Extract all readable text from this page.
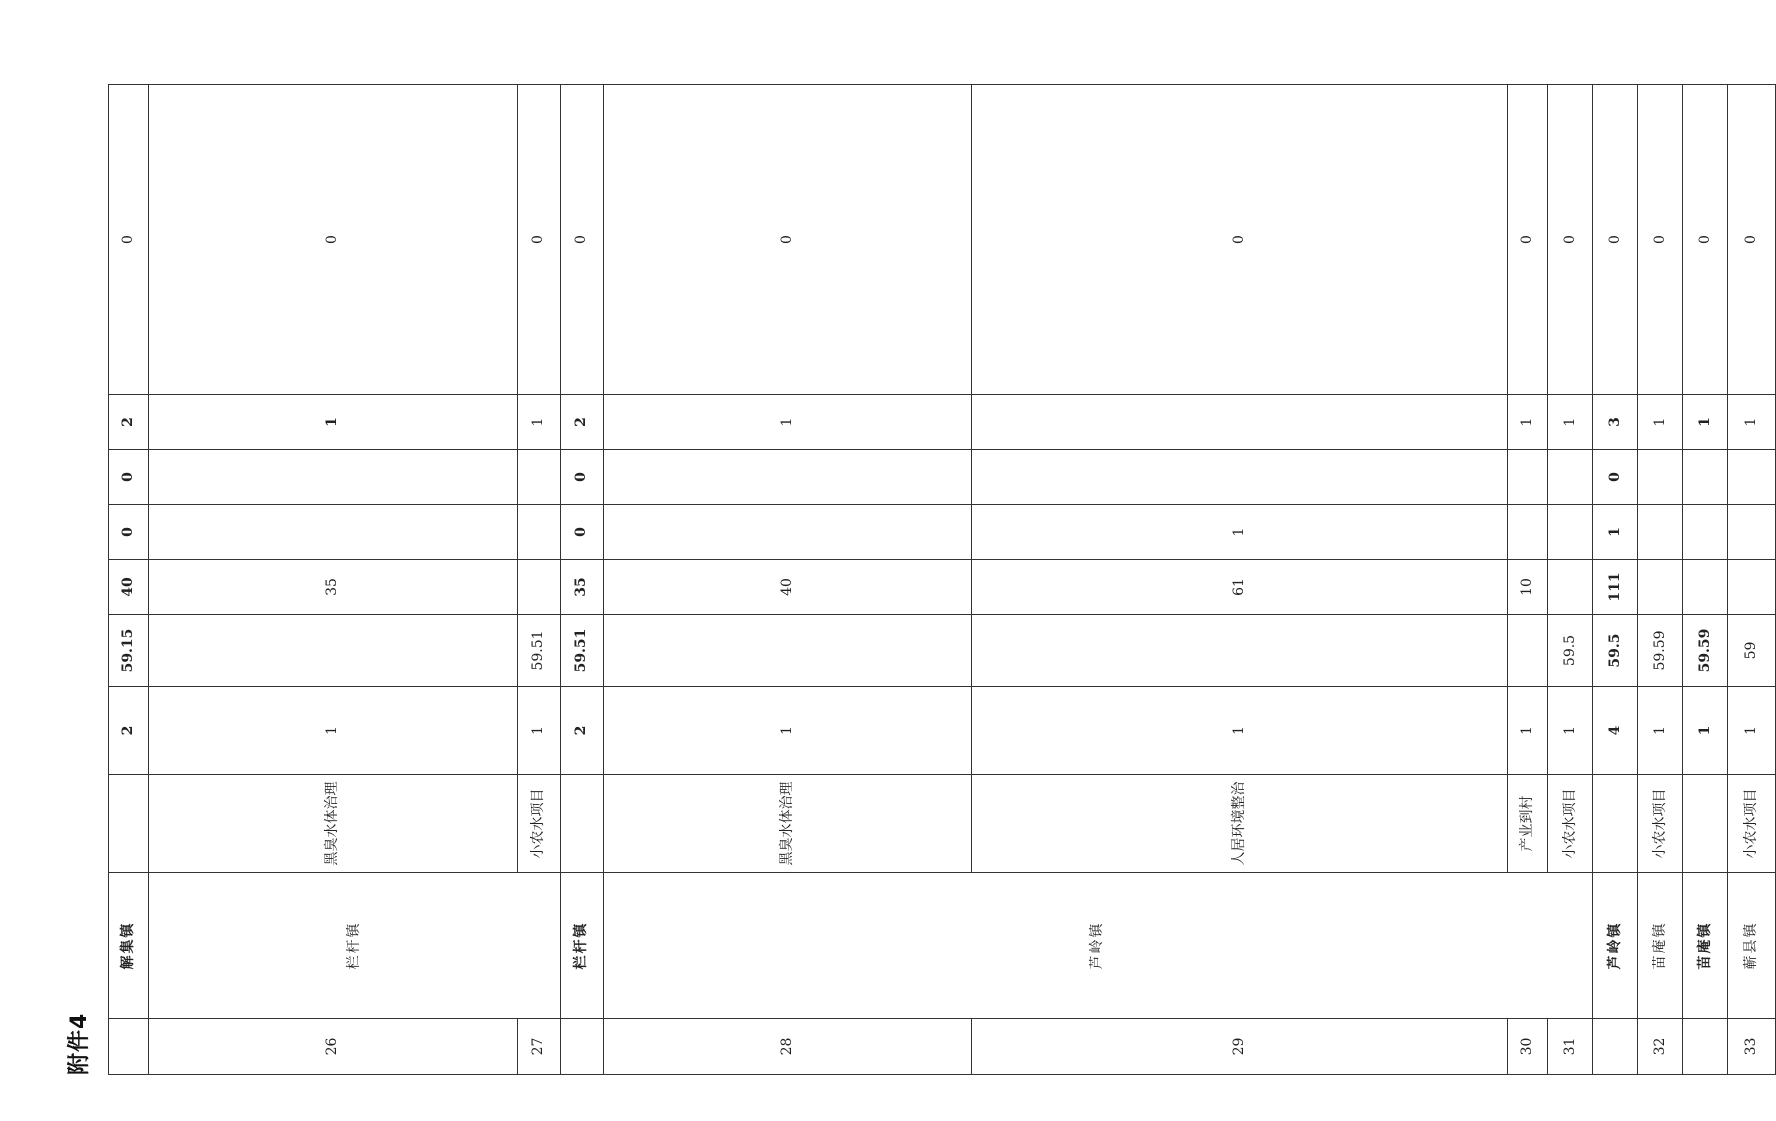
附件4
	解集镇		2	59.15	40	0	0	2	0	
26	栏杆镇	黑臭水体治理	1		35			1	0	
27		小农水项目	1	59.51				1	0	
	栏杆镇		2	59.51	35	0	0	2	0	
28	芦岭镇	黑臭水体治理	1		40			1	0	
29		人居环境整治	1		61	1			0	
30		产业到村	1		10			1	0	
31		小农水项目	1	59.5				1	0	
	芦岭镇		4	59.5	111	1	0	3	0	
32	苗庵镇	小农水项目	1	59.59				1	0	
	苗庵镇		1	59.59				1	0	
33	蕲县镇	小农水项目	1	59				1	0	
